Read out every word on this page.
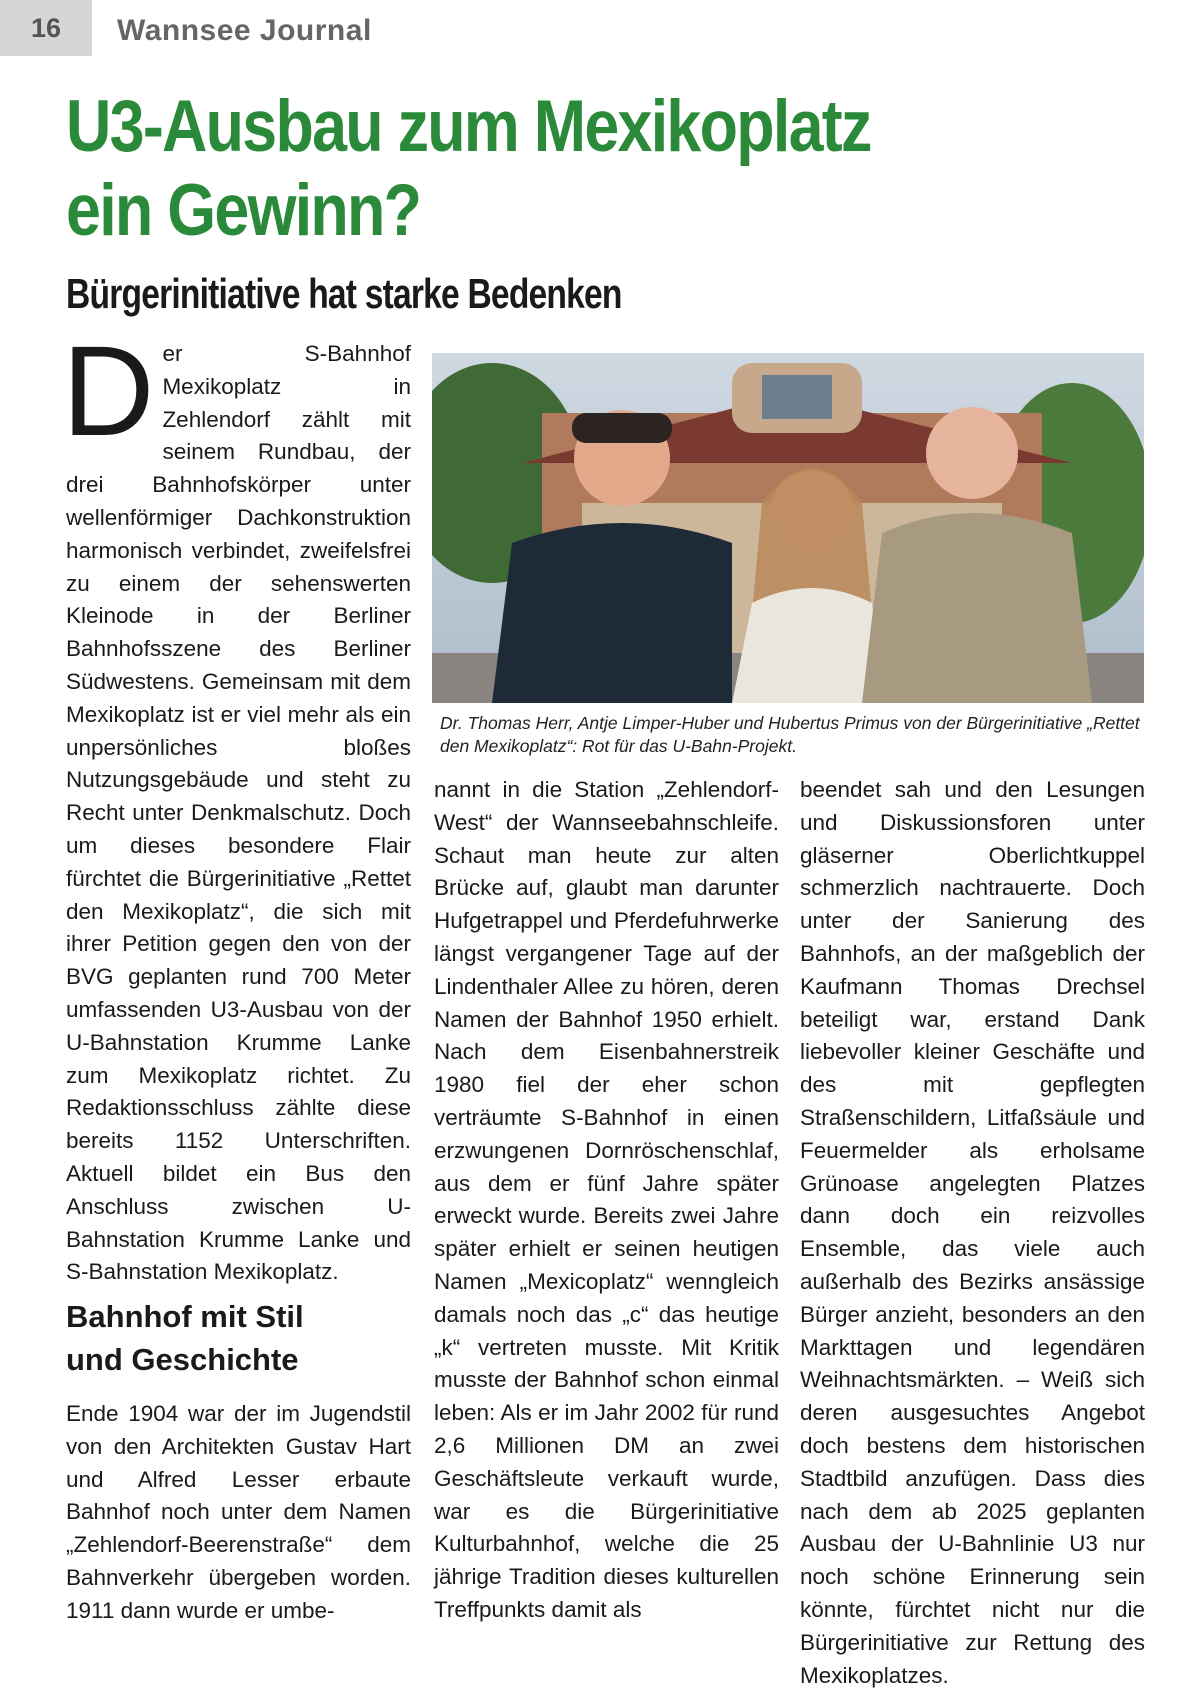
16	Wannsee Journal
U3-Ausbau zum Mexikoplatz
ein Gewinn?
Bürgerinitiative hat starke Bedenken
Der S-Bahnhof Mexikoplatz in Zehlendorf zählt mit seinem Rundbau, der drei Bahnhofskörper unter wellenförmiger Dachkonstruktion harmonisch verbindet, zweifelsfrei zu einem der sehenswerten Kleinode in der Berliner Bahnhofsszene des Berliner Südwestens. Gemeinsam mit dem Mexikoplatz ist er viel mehr als ein unpersönliches bloßes Nutzungsgebäude und steht zu Recht unter Denkmalschutz. Doch um dieses besondere Flair fürchtet die Bürgerinitiative „Rettet den Mexikoplatz“, die sich mit ihrer Petition gegen den von der BVG geplanten rund 700 Meter umfassenden U3-Ausbau von der U-Bahnstation Krumme Lanke zum Mexikoplatz richtet. Zu Redaktionsschluss zählte diese bereits 1152 Unterschriften. Aktuell bildet ein Bus den Anschluss zwischen U-Bahnstation Krumme Lanke und S-Bahnstation Mexikoplatz.
Bahnhof mit Stil
und Geschichte
Ende 1904 war der im Jugendstil von den Architekten Gustav Hart und Alfred Lesser erbaute Bahnhof noch unter dem Namen „Zehlendorf-Beerenstraße“ dem Bahnverkehr übergeben worden. 1911 dann wurde er umbe-
Dr. Thomas Herr, Antje Limper-Huber und Hubertus Primus von der Bürgerinitiative „Rettet den Mexikoplatz“: Rot für das U-Bahn-Projekt.
nannt in die Station „Zehlendorf-West“ der Wannseebahnschleife. Schaut man heute zur alten Brücke auf, glaubt man darunter Hufgetrappel und Pferdefuhrwerke längst vergangener Tage auf der Lindenthaler Allee zu hören, deren Namen der Bahnhof 1950 erhielt. Nach dem Eisenbahnerstreik 1980 fiel der eher schon verträumte S-Bahnhof in einen erzwungenen Dornröschenschlaf, aus dem er fünf Jahre später erweckt wurde. Bereits zwei Jahre später erhielt er seinen heutigen Namen „Mexicoplatz“ wenngleich damals noch das „c“ das heutige „k“ vertreten musste. Mit Kritik musste der Bahnhof schon einmal leben: Als er im Jahr 2002 für rund 2,6 Millionen DM an zwei Geschäftsleute verkauft wurde, war es die Bürgerinitiative Kulturbahnhof, welche die 25 jährige Tradition dieses kulturellen Treffpunkts damit als
beendet sah und den Lesungen und Diskussionsforen unter gläserner Oberlichtkuppel schmerzlich nachtrauerte. Doch unter der Sanierung des Bahnhofs, an der maßgeblich der Kaufmann Thomas Drechsel beteiligt war, erstand Dank liebevoller kleiner Geschäfte und des mit gepflegten Straßenschildern, Litfaßsäule und Feuermelder als erholsame Grünoase angelegten Platzes dann doch ein reizvolles Ensemble, das viele auch außerhalb des Bezirks ansässige Bürger anzieht, besonders an den Markttagen und legendären Weihnachtsmärkten. – Weiß sich deren ausgesuchtes Angebot doch bestens dem historischen Stadtbild anzufügen. Dass dies nach dem ab 2025 geplanten Ausbau der U-Bahnlinie U3 nur noch schöne Erinnerung sein könnte, fürchtet nicht nur die Bürgerinitiative zur Rettung des Mexikoplatzes.
